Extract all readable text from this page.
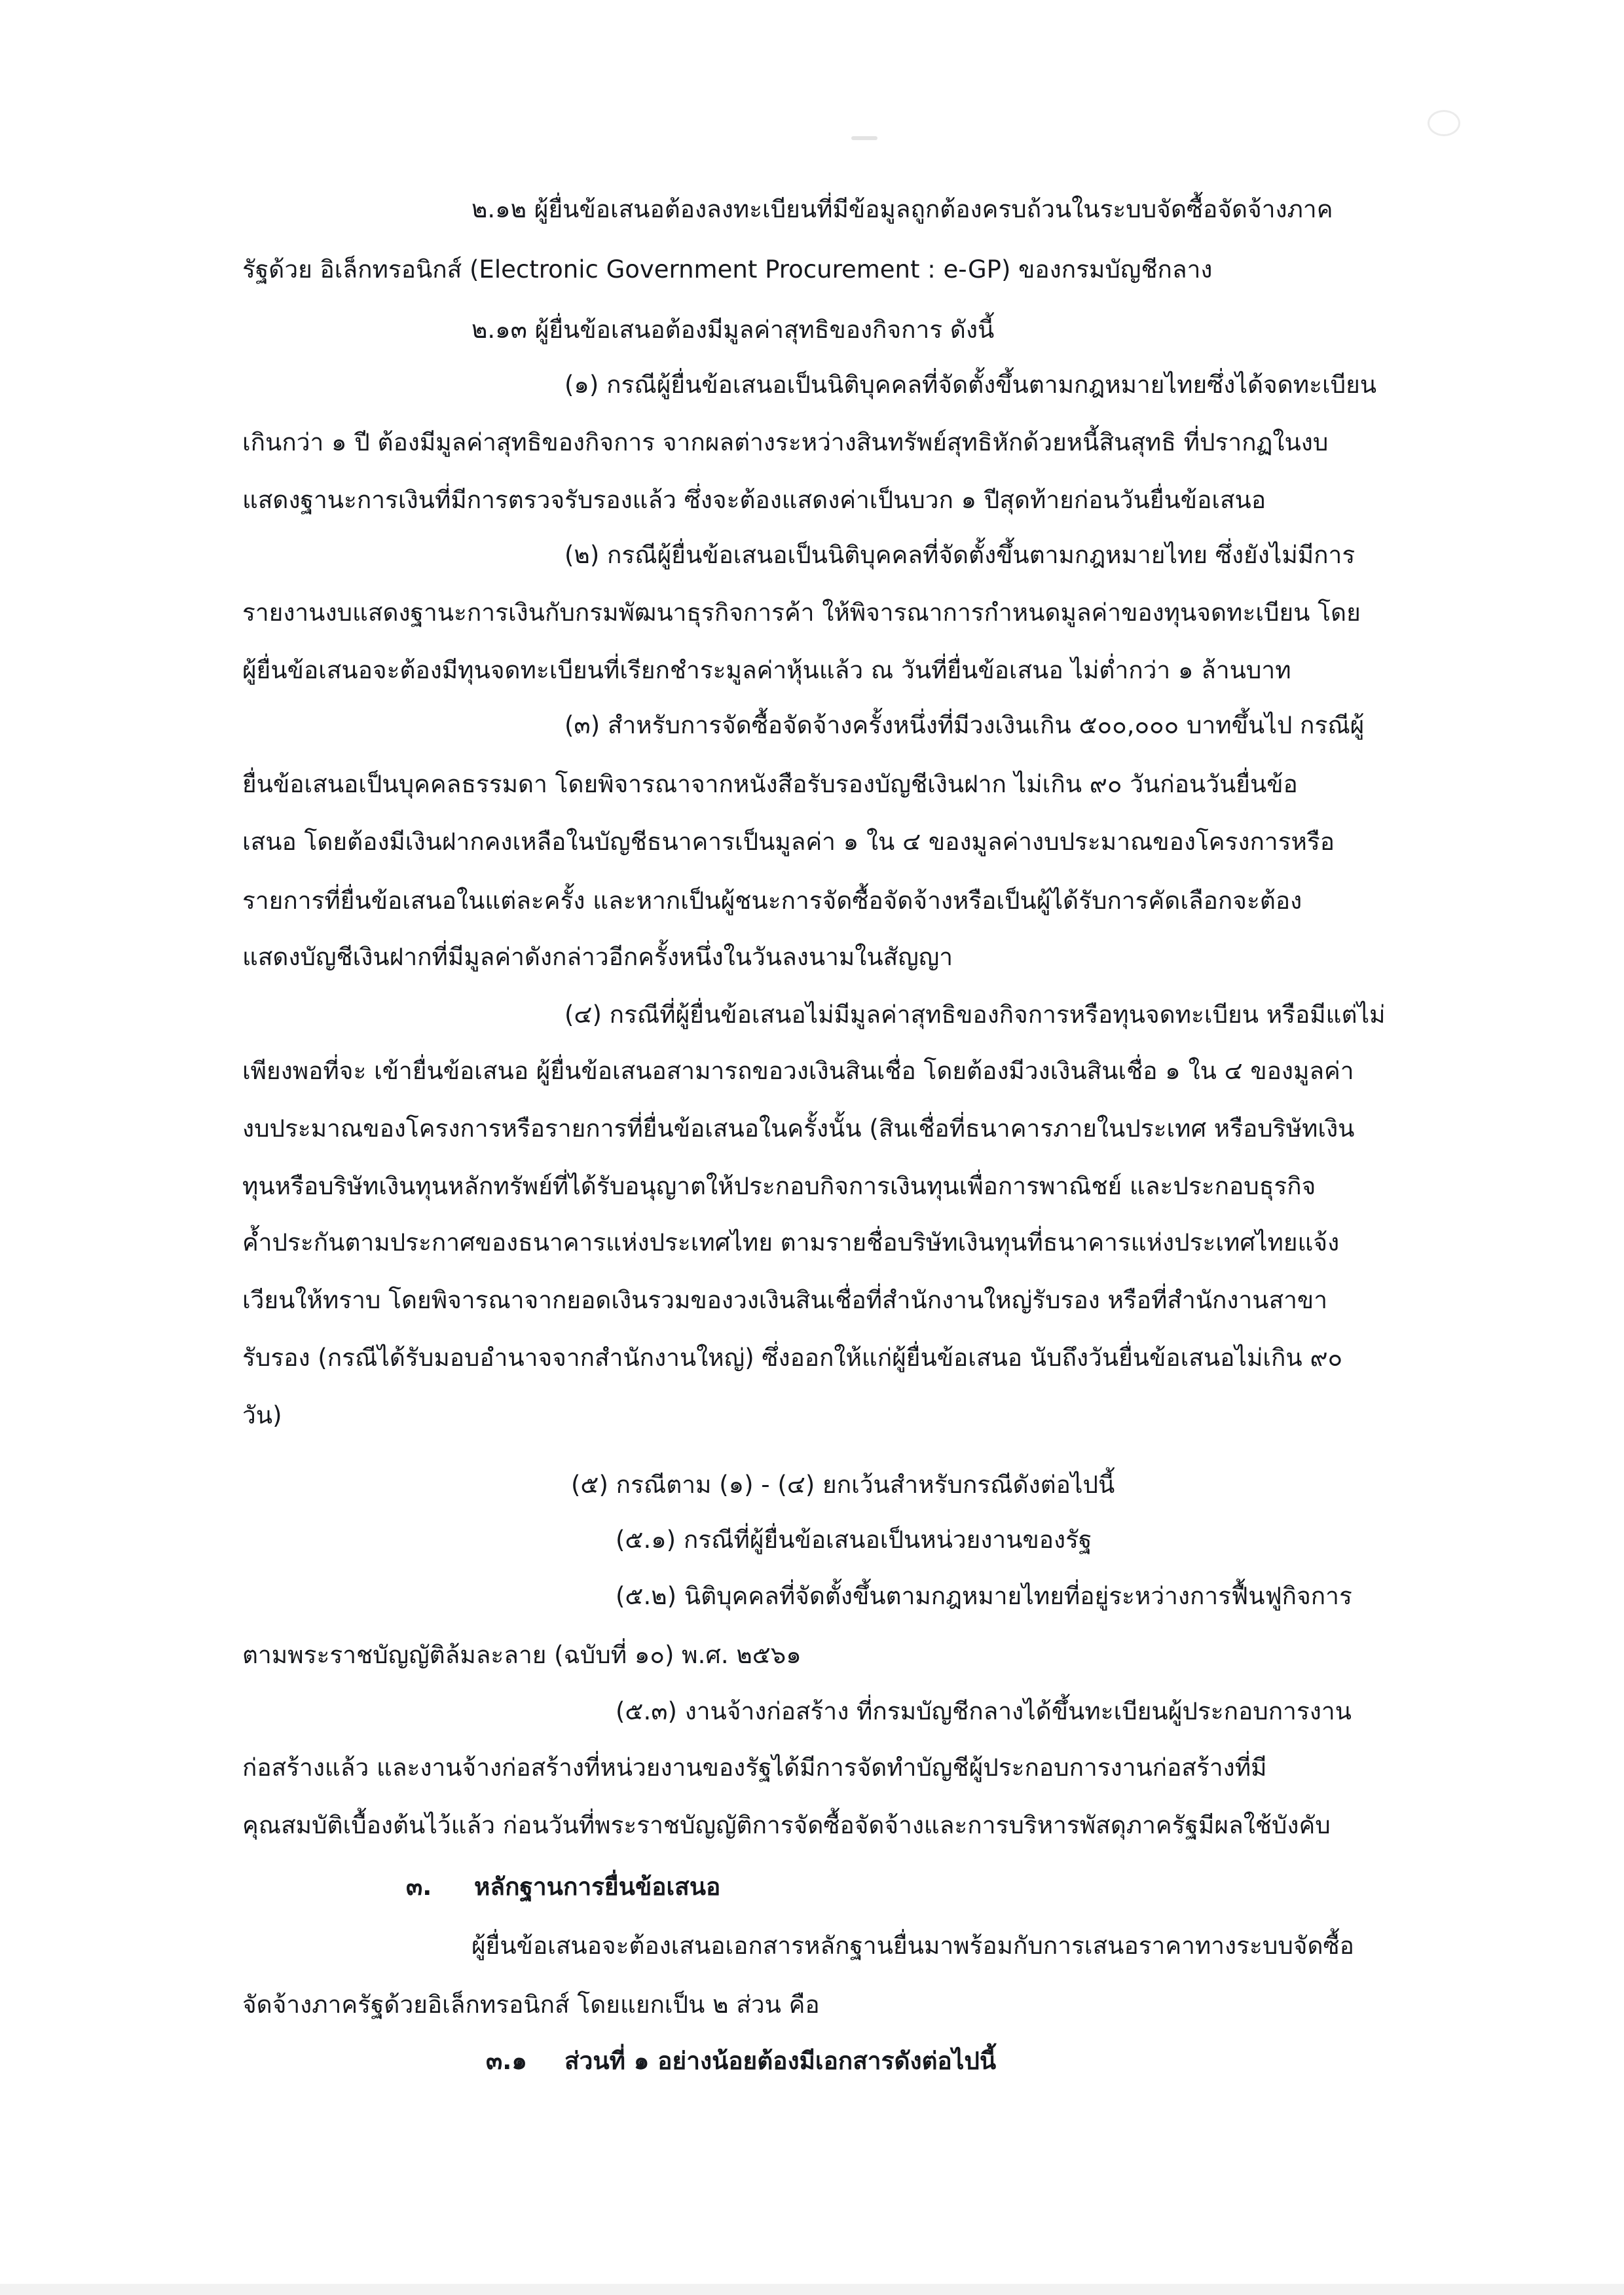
๒.๑๒ ผู้ยื่นข้อเสนอต้องลงทะเบียนที่มีข้อมูลถูกต้องครบถ้วนในระบบจัดซื้อจัดจ้างภาค
รัฐด้วย อิเล็กทรอนิกส์ (Electronic Government Procurement : e-GP) ของกรมบัญชีกลาง
๒.๑๓ ผู้ยื่นข้อเสนอต้องมีมูลค่าสุทธิของกิจการ ดังนี้
(๑) กรณีผู้ยื่นข้อเสนอเป็นนิติบุคคลที่จัดตั้งขึ้นตามกฎหมายไทยซึ่งได้จดทะเบียน
เกินกว่า ๑ ปี ต้องมีมูลค่าสุทธิของกิจการ จากผลต่างระหว่างสินทรัพย์สุทธิหักด้วยหนี้สินสุทธิ ที่ปรากฏในงบ
แสดงฐานะการเงินที่มีการตรวจรับรองแล้ว ซึ่งจะต้องแสดงค่าเป็นบวก ๑ ปีสุดท้ายก่อนวันยื่นข้อเสนอ
(๒) กรณีผู้ยื่นข้อเสนอเป็นนิติบุคคลที่จัดตั้งขึ้นตามกฎหมายไทย ซึ่งยังไม่มีการ
รายงานงบแสดงฐานะการเงินกับกรมพัฒนาธุรกิจการค้า ให้พิจารณาการกำหนดมูลค่าของทุนจดทะเบียน โดย
ผู้ยื่นข้อเสนอจะต้องมีทุนจดทะเบียนที่เรียกชำระมูลค่าหุ้นแล้ว ณ วันที่ยื่นข้อเสนอ ไม่ต่ำกว่า ๑ ล้านบาท
(๓) สำหรับการจัดซื้อจัดจ้างครั้งหนึ่งที่มีวงเงินเกิน ๕๐๐,๐๐๐ บาทขึ้นไป กรณีผู้
ยื่นข้อเสนอเป็นบุคคลธรรมดา โดยพิจารณาจากหนังสือรับรองบัญชีเงินฝาก ไม่เกิน ๙๐ วันก่อนวันยื่นข้อ
เสนอ โดยต้องมีเงินฝากคงเหลือในบัญชีธนาคารเป็นมูลค่า ๑ ใน ๔ ของมูลค่างบประมาณของโครงการหรือ
รายการที่ยื่นข้อเสนอในแต่ละครั้ง และหากเป็นผู้ชนะการจัดซื้อจัดจ้างหรือเป็นผู้ได้รับการคัดเลือกจะต้อง
แสดงบัญชีเงินฝากที่มีมูลค่าดังกล่าวอีกครั้งหนึ่งในวันลงนามในสัญญา
(๔) กรณีที่ผู้ยื่นข้อเสนอไม่มีมูลค่าสุทธิของกิจการหรือทุนจดทะเบียน หรือมีแต่ไม่
เพียงพอที่จะ เข้ายื่นข้อเสนอ ผู้ยื่นข้อเสนอสามารถขอวงเงินสินเชื่อ โดยต้องมีวงเงินสินเชื่อ ๑ ใน ๔ ของมูลค่า
งบประมาณของโครงการหรือรายการที่ยื่นข้อเสนอในครั้งนั้น (สินเชื่อที่ธนาคารภายในประเทศ หรือบริษัทเงิน
ทุนหรือบริษัทเงินทุนหลักทรัพย์ที่ได้รับอนุญาตให้ประกอบกิจการเงินทุนเพื่อการพาณิชย์ และประกอบธุรกิจ
ค้ำประกันตามประกาศของธนาคารแห่งประเทศไทย ตามรายชื่อบริษัทเงินทุนที่ธนาคารแห่งประเทศไทยแจ้ง
เวียนให้ทราบ โดยพิจารณาจากยอดเงินรวมของวงเงินสินเชื่อที่สำนักงานใหญ่รับรอง หรือที่สำนักงานสาขา
รับรอง (กรณีได้รับมอบอำนาจจากสำนักงานใหญ่) ซึ่งออกให้แก่ผู้ยื่นข้อเสนอ นับถึงวันยื่นข้อเสนอไม่เกิน ๙๐
วัน)
(๕) กรณีตาม (๑) - (๔) ยกเว้นสำหรับกรณีดังต่อไปนี้
(๕.๑) กรณีที่ผู้ยื่นข้อเสนอเป็นหน่วยงานของรัฐ
(๕.๒) นิติบุคคลที่จัดตั้งขึ้นตามกฎหมายไทยที่อยู่ระหว่างการฟื้นฟูกิจการ
ตามพระราชบัญญัติล้มละลาย (ฉบับที่ ๑๐) พ.ศ. ๒๕๖๑
(๕.๓) งานจ้างก่อสร้าง ที่กรมบัญชีกลางได้ขึ้นทะเบียนผู้ประกอบการงาน
ก่อสร้างแล้ว และงานจ้างก่อสร้างที่หน่วยงานของรัฐได้มีการจัดทำบัญชีผู้ประกอบการงานก่อสร้างที่มี
คุณสมบัติเบื้องต้นไว้แล้ว ก่อนวันที่พระราชบัญญัติการจัดซื้อจัดจ้างและการบริหารพัสดุภาครัฐมีผลใช้บังคับ
๓. หลักฐานการยื่นข้อเสนอ
ผู้ยื่นข้อเสนอจะต้องเสนอเอกสารหลักฐานยื่นมาพร้อมกับการเสนอราคาทางระบบจัดซื้อ
จัดจ้างภาครัฐด้วยอิเล็กทรอนิกส์ โดยแยกเป็น ๒ ส่วน คือ
๓.๑ ส่วนที่ ๑ อย่างน้อยต้องมีเอกสารดังต่อไปนี้
